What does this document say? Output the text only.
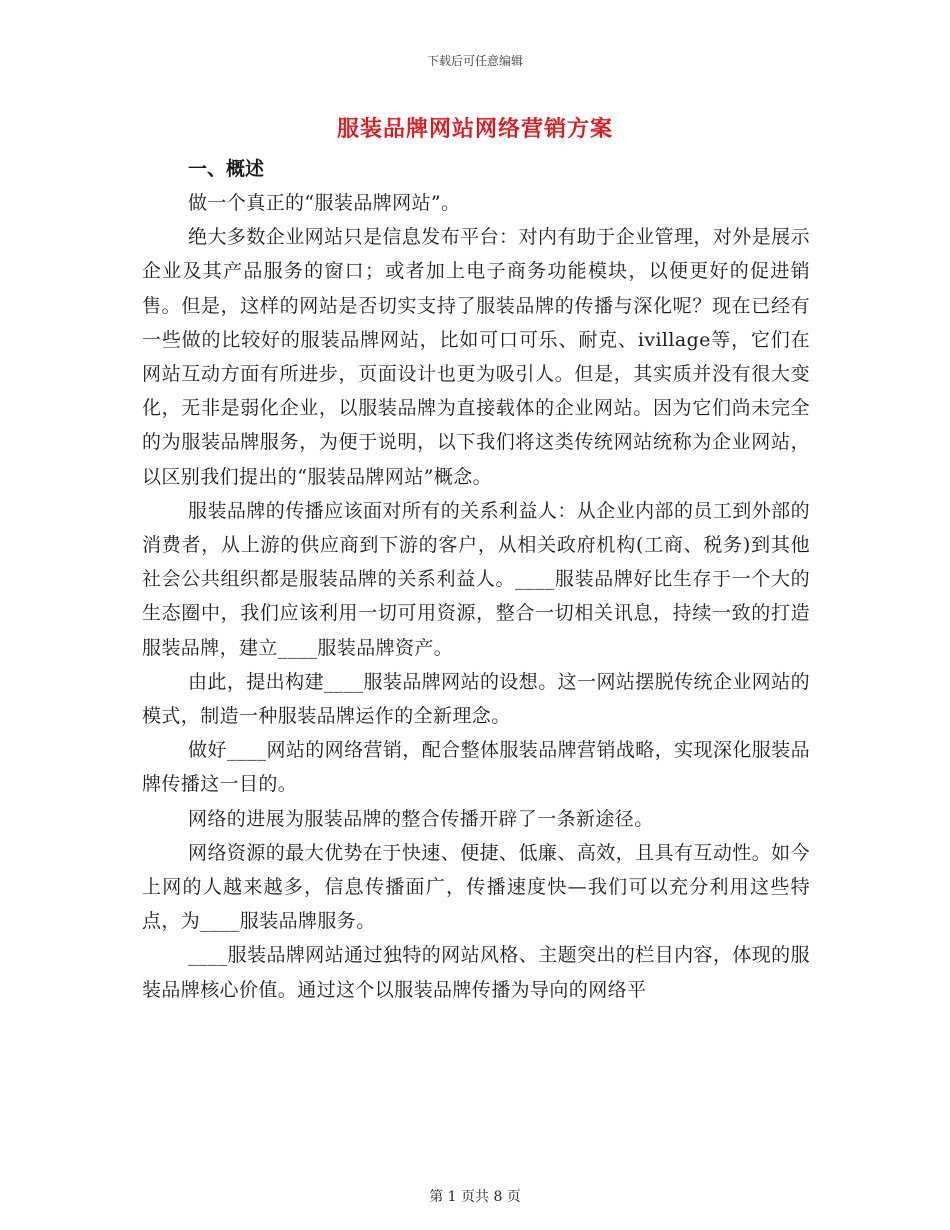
下载后可任意编辑
服装品牌网站网络营销方案

一、概述

做一个真正的“服装品牌网站”。

绝大多数企业网站只是信息发布平台：对内有助于企业管理，对外是展示企业及其产品服务的窗口；或者加上电子商务功能模块，以便更好的促进销售。但是，这样的网站是否切实支持了服装品牌的传播与深化呢？现在已经有一些做的比较好的服装品牌网站，比如可口可乐、耐克、ivillage等，它们在网站互动方面有所进步，页面设计也更为吸引人。但是，其实质并没有很大变化，无非是弱化企业，以服装品牌为直接载体的企业网站。因为它们尚未完全的为服装品牌服务，为便于说明，以下我们将这类传统网站统称为企业网站，以区别我们提出的“服装品牌网站”概念。

服装品牌的传播应该面对所有的关系利益人：从企业内部的员工到外部的消费者，从上游的供应商到下游的客户，从相关政府机构(工商、税务)到其他社会公共组织都是服装品牌的关系利益人。____服装品牌好比生存于一个大的生态圈中，我们应该利用一切可用资源，整合一切相关讯息，持续一致的打造服装品牌，建立____服装品牌资产。

由此，提出构建____服装品牌网站的设想。这一网站摆脱传统企业网站的模式，制造一种服装品牌运作的全新理念。

做好____网站的网络营销，配合整体服装品牌营销战略，实现深化服装品牌传播这一目的。

网络的进展为服装品牌的整合传播开辟了一条新途径。

网络资源的最大优势在于快速、便捷、低廉、高效，且具有互动性。如今上网的人越来越多，信息传播面广，传播速度快—我们可以充分利用这些特点，为____服装品牌服务。

____服装品牌网站通过独特的网站风格、主题突出的栏目内容，体现的服装品牌核心价值。通过这个以服装品牌传播为导向的网络平

第 1 页共 8 页
